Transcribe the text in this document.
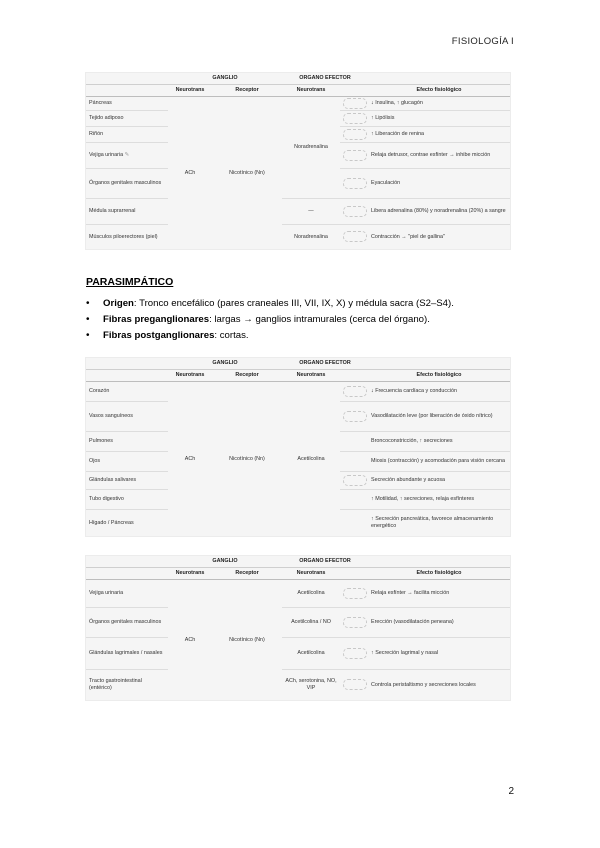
FISIOLOGÍA I
	GANGLIO		ORGANO EFECTOR		
	Neurotrans	Receptor	Neurotrans		Efecto fisiológico
Páncreas	ACh	Nicotínico (Nn)	Noradrenalina		↓ Insulina, ↑ glucagón
Tejido adiposo					↑ Lipólisis
Riñón					↑ Liberación de renina
Vejiga urinaria ✎					Relaja detrusor, contrae esfínter → inhibe micción
Órganos genitales masculinos					Eyaculación
Médula suprarrenal			—		Libera adrenalina (80%) y noradrenalina (20%) a sangre
Músculos piloerectores (piel)			Noradrenalina		Contracción → "piel de gallina"
PARASIMPÁTICO
• Origen: Tronco encefálico (pares craneales III, VII, IX, X) y médula sacra (S2–S4).
• Fibras preganglionares: largas → ganglios intramurales (cerca del órgano).
• Fibras postganglionares: cortas.
	GANGLIO		ORGANO EFECTOR		
	Neurotrans	Receptor	Neurotrans		Efecto fisiológico
Corazón	ACh	Nicotínico (Nn)	Acetilcolina		↓ Frecuencia cardíaca y conducción
Vasos sanguíneos					Vasodilatación leve (por liberación de óxido nítrico)
Pulmones					Broncoconstricción, ↑ secreciones
Ojos					Miosis (contracción) y acomodación para visión cercana
Glándulas salivares					Secreción abundante y acuosa
Tubo digestivo					↑ Motilidad, ↑ secreciones, relaja esfínteres
Hígado / Páncreas					↑ Secreción pancreática, favorece almacenamiento energético
	GANGLIO		ORGANO EFECTOR		
	Neurotrans	Receptor	Neurotrans		Efecto fisiológico
Vejiga urinaria	ACh	Nicotínico (Nn)	Acetilcolina		Relaja esfínter → facilita micción
Órganos genitales masculinos			Acetilcolina / NO		Erección (vasodilatación peneana)
Glándulas lagrimales / nasales			Acetilcolina		↑ Secreción lagrimal y nasal
Tracto gastrointestinal (entérico)			ACh, serotonina, NO, VIP		Controla peristaltismo y secreciones locales
2
